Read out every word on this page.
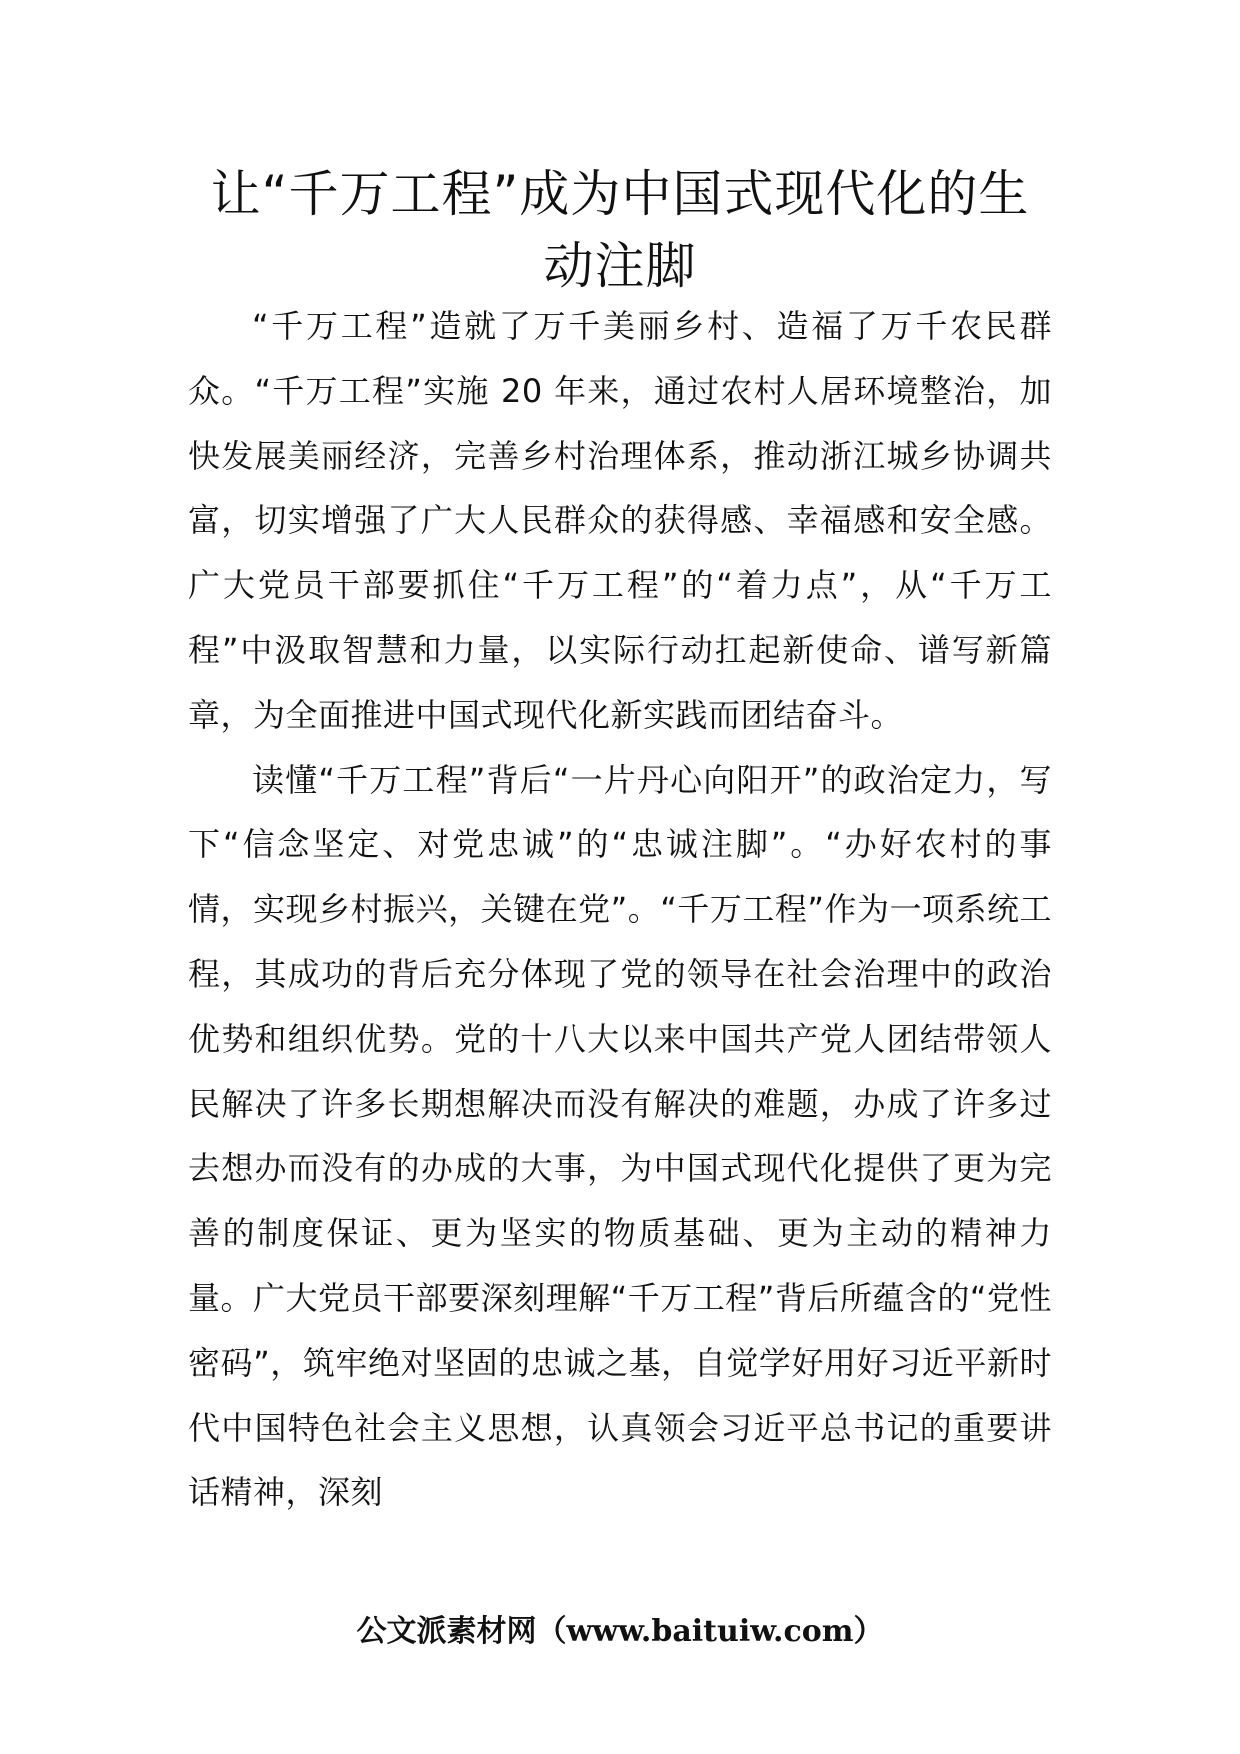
让“千万工程”成为中国式现代化的生动注脚

“千万工程”造就了万千美丽乡村、造福了万千农民群众。“千万工程”实施 20 年来，通过农村人居环境整治，加快发展美丽经济，完善乡村治理体系，推动浙江城乡协调共富，切实增强了广大人民群众的获得感、幸福感和安全感。广大党员干部要抓住“千万工程”的“着力点”，从“千万工程”中汲取智慧和力量，以实际行动扛起新使命、谱写新篇章，为全面推进中国式现代化新实践而团结奋斗。

读懂“千万工程”背后“一片丹心向阳开”的政治定力，写下“信念坚定、对党忠诚”的“忠诚注脚”。“办好农村的事情，实现乡村振兴，关键在党”。“千万工程”作为一项系统工程，其成功的背后充分体现了党的领导在社会治理中的政治优势和组织优势。党的十八大以来中国共产党人团结带领人民解决了许多长期想解决而没有解决的难题，办成了许多过去想办而没有的办成的大事，为中国式现代化提供了更为完善的制度保证、更为坚实的物质基础、更为主动的精神力量。广大党员干部要深刻理解“千万工程”背后所蕴含的“党性密码”，筑牢绝对坚固的忠诚之基，自觉学好用好习近平新时代中国特色社会主义思想，认真领会习近平总书记的重要讲话精神，深刻

公文派素材网（www.baituiw.com）
